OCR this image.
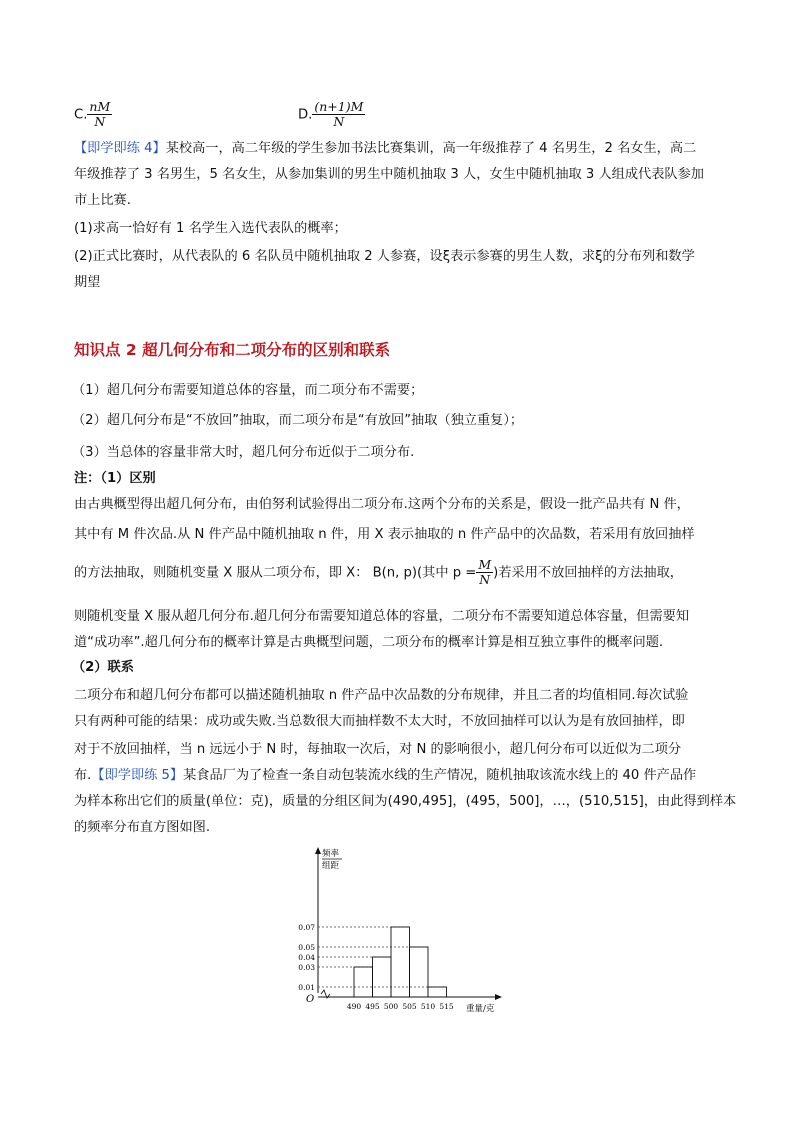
C. $\frac{nM}{N}$	D. $\frac{(n+1)M}{N}$
【即学即练 4】某校高一，高二年级的学生参加书法比赛集训，高一年级推荐了 4 名男生，2 名女生，高二
年级推荐了 3 名男生，5 名女生，从参加集训的男生中随机抽取 3 人，女生中随机抽取 3 人组成代表队参加
市上比赛.
(1)求高一恰好有 1 名学生入选代表队的概率；
(2)正式比赛时，从代表队的 6 名队员中随机抽取 2 人参赛，设ξ表示参赛的男生人数，求ξ的分布列和数学
期望
知识点 2 超几何分布和二项分布的区别和联系
（1）超几何分布需要知道总体的容量，而二项分布不需要；
（2）超几何分布是“不放回”抽取，而二项分布是“有放回”抽取（独立重复）；
（3）当总体的容量非常大时，超几何分布近似于二项分布.
注：（1）区别
由古典概型得出超几何分布，由伯努利试验得出二项分布.这两个分布的关系是，假设一批产品共有 N 件，
其中有 M 件次品.从 N 件产品中随机抽取 n 件，用 X 表示抽取的 n 件产品中的次品数，若采用有放回抽样
的方法抽取，则随机变量 X 服从二项分布，即 X： B(n, p)(其中 $p = \frac{M}{N}$ )若采用不放回抽样的方法抽取，
则随机变量 X 服从超几何分布.超几何分布需要知道总体的容量，二项分布不需要知道总体容量，但需要知
道“成功率”.超几何分布的概率计算是古典概型问题，二项分布的概率计算是相互独立事件的概率问题.
（2）联系
二项分布和超几何分布都可以描述随机抽取 n 件产品中次品数的分布规律，并且二者的均值相同.每次试验
只有两种可能的结果：成功或失败.当总数很大而抽样数不太大时，不放回抽样可以认为是有放回抽样，即
对于不放回抽样，当 n 远远小于 N 时，每抽取一次后，对 N 的影响很小，超几何分布可以近似为二项分
布.【即学即练 5】某食品厂为了检查一条自动包装流水线的生产情况，随机抽取该流水线上的 40 件产品作
为样本称出它们的质量(单位：克)，质量的分组区间为(490,495]，(495，500]，…，(510,515]，由此得到样本
的频率分布直方图如图.
O
频率
组距
0.07
0.05
0.04
0.03
0.01
490 495 500 505 510 515 重量/克
